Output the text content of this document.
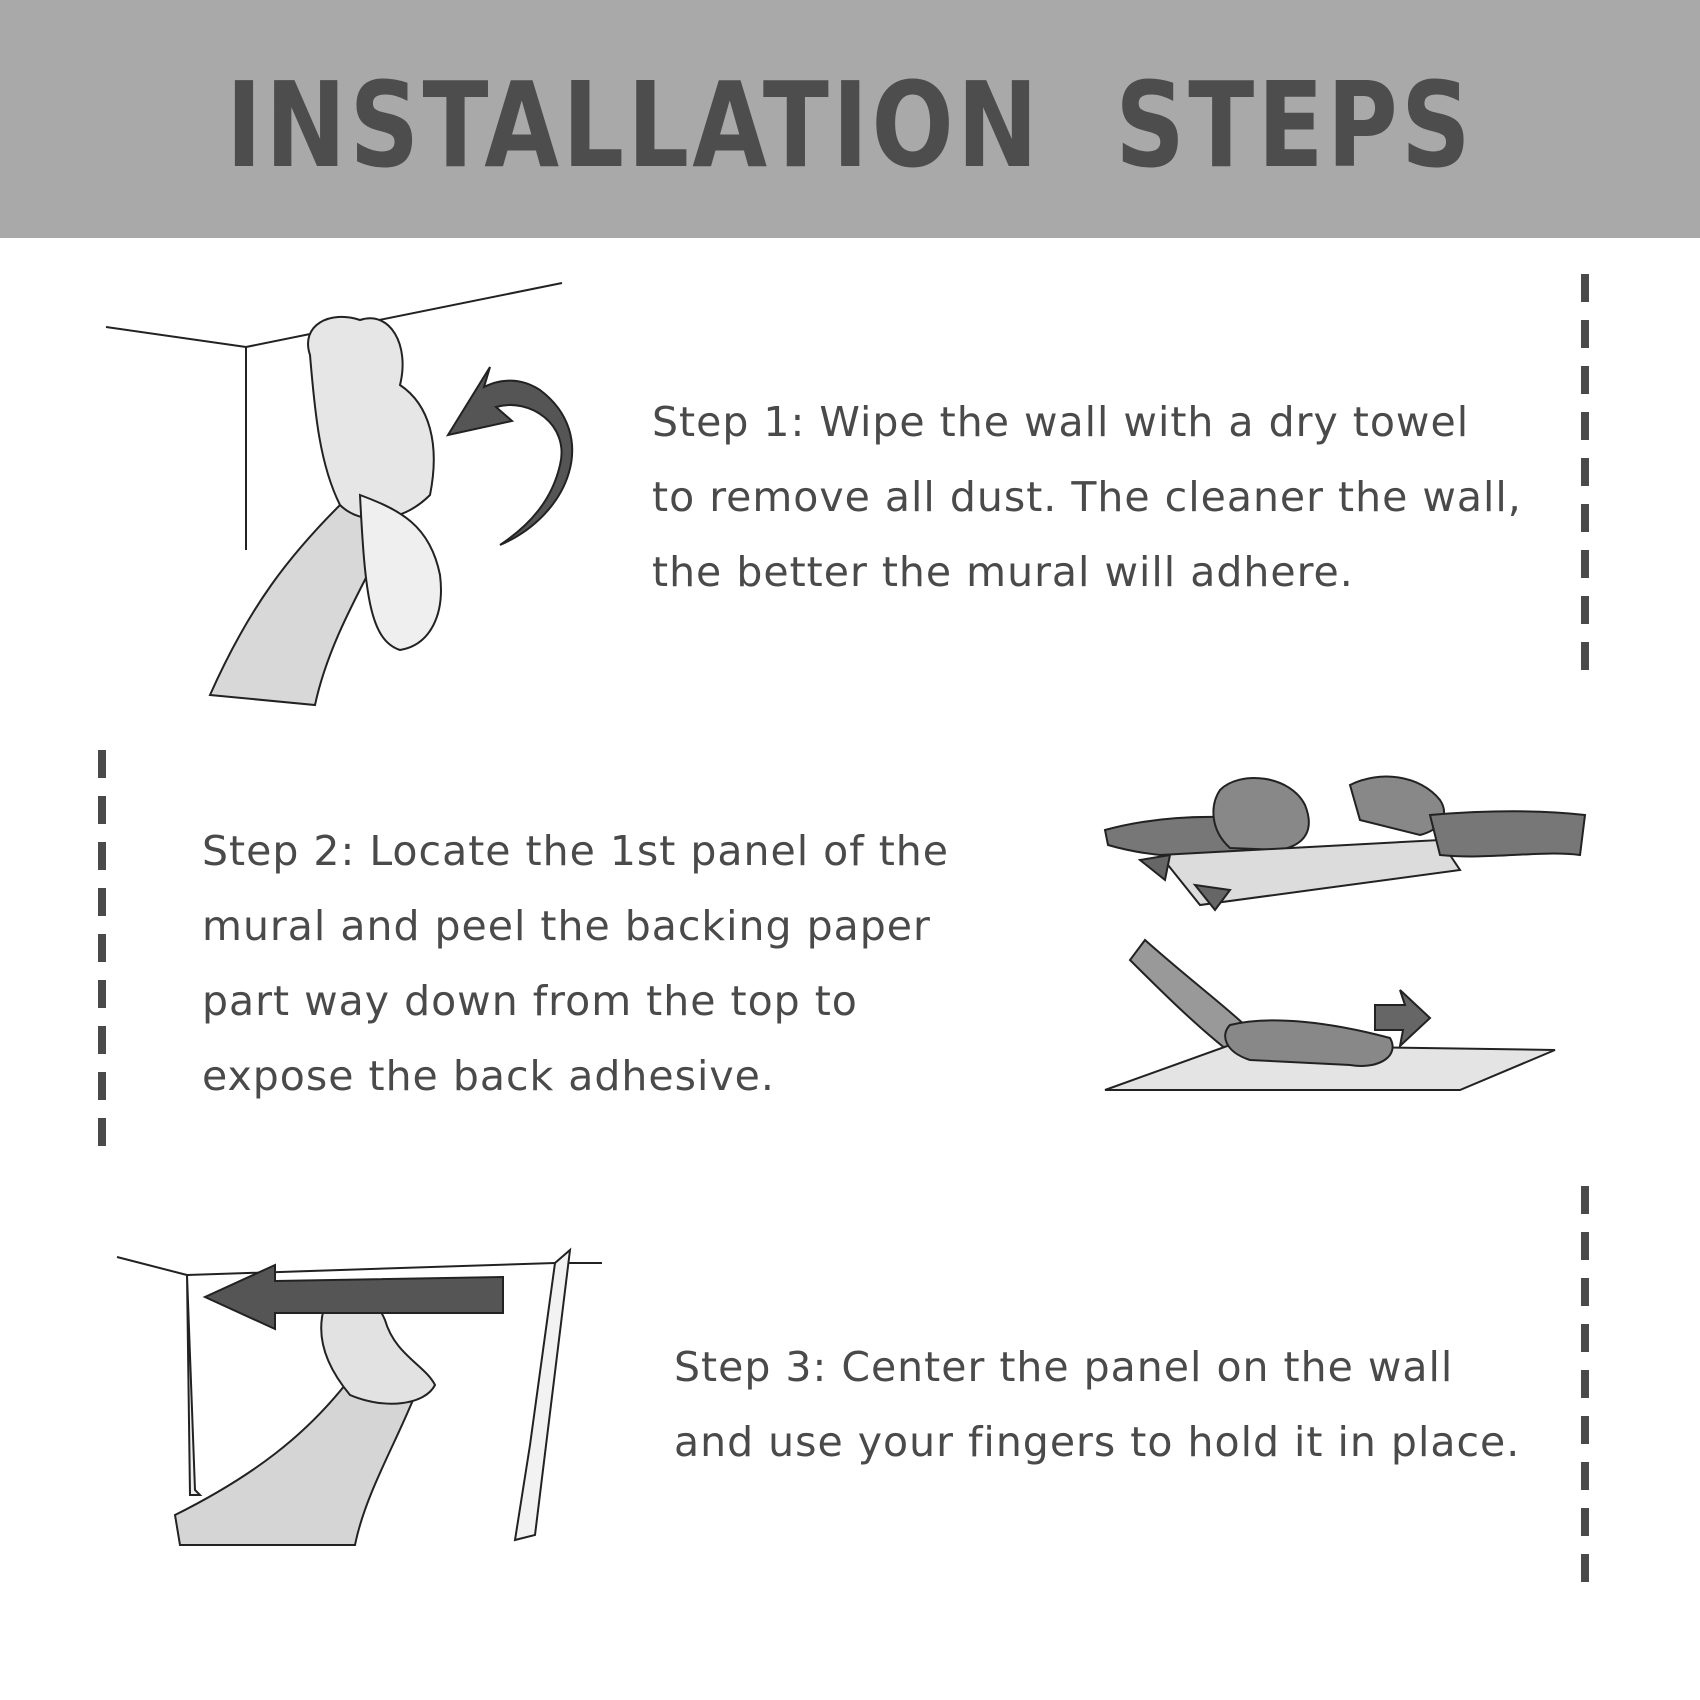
INSTALLATION  STEPS

Step 1: Wipe the wall with a dry towel
to remove all dust. The cleaner the wall,
the better the mural will adhere.

Step 2: Locate the 1st panel of the
mural and peel the backing paper
part way down from the top to
expose the back adhesive.

Step 3: Center the panel on the wall
and use your fingers to hold it in place.
